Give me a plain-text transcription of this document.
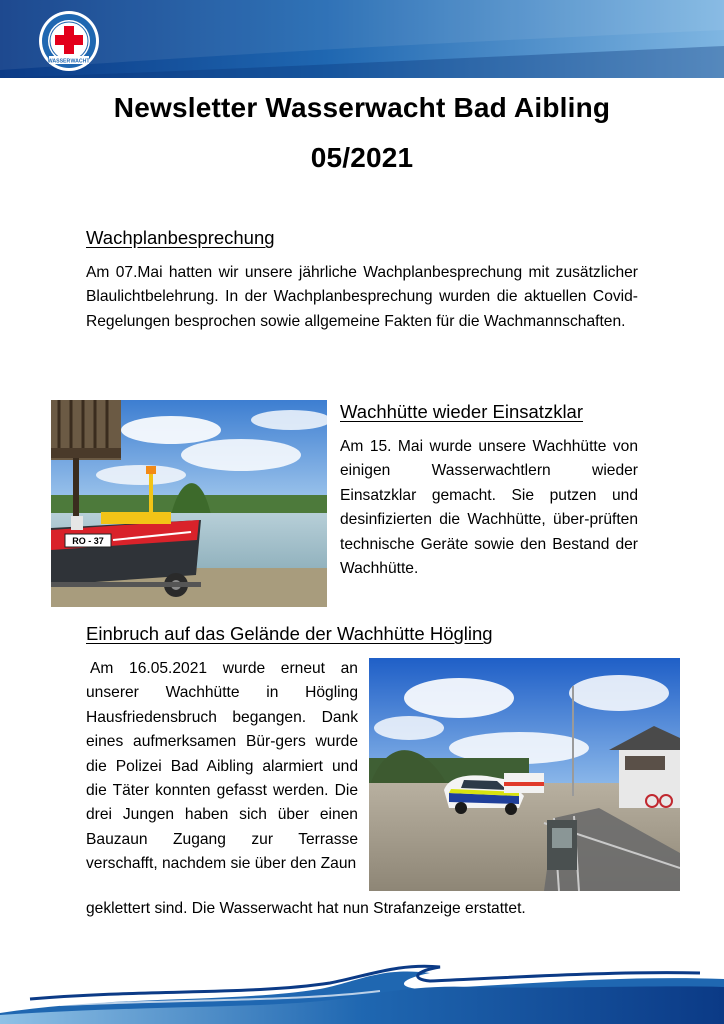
WASSER WACHT
Newsletter Wasserwacht Bad Aibling
05/2021
Wachplanbesprechung
Am 07.Mai hatten wir unsere jährliche Wachplanbesprechung mit zusätzlicher Blaulichtbelehrung. In der Wachplanbesprechung wurden die aktuellen Covid-Regelungen besprochen sowie allgemeine Fakten für die Wachmannschaften.
RO - 37
Wachhütte wieder Einsatzklar
Am 15. Mai wurde unsere Wachhütte von einigen Wasserwachtlern wieder Einsatzklar gemacht. Sie putzen und desinfizierten die Wachhütte, über-prüften technische Geräte sowie den Bestand der Wachhütte.
Einbruch auf das Gelände der Wachhütte Högling
Am 16.05.2021 wurde erneut an unserer Wachhütte in Högling Hausfriedensbruch begangen. Dank eines aufmerksamen Bür-gers wurde die Polizei Bad Aibling alarmiert und die Täter konnten gefasst werden. Die drei Jungen haben sich über einen Bauzaun Zugang zur Terrasse verschafft, nachdem sie über den Zaun
geklettert sind. Die Wasserwacht hat nun Strafanzeige erstattet.
